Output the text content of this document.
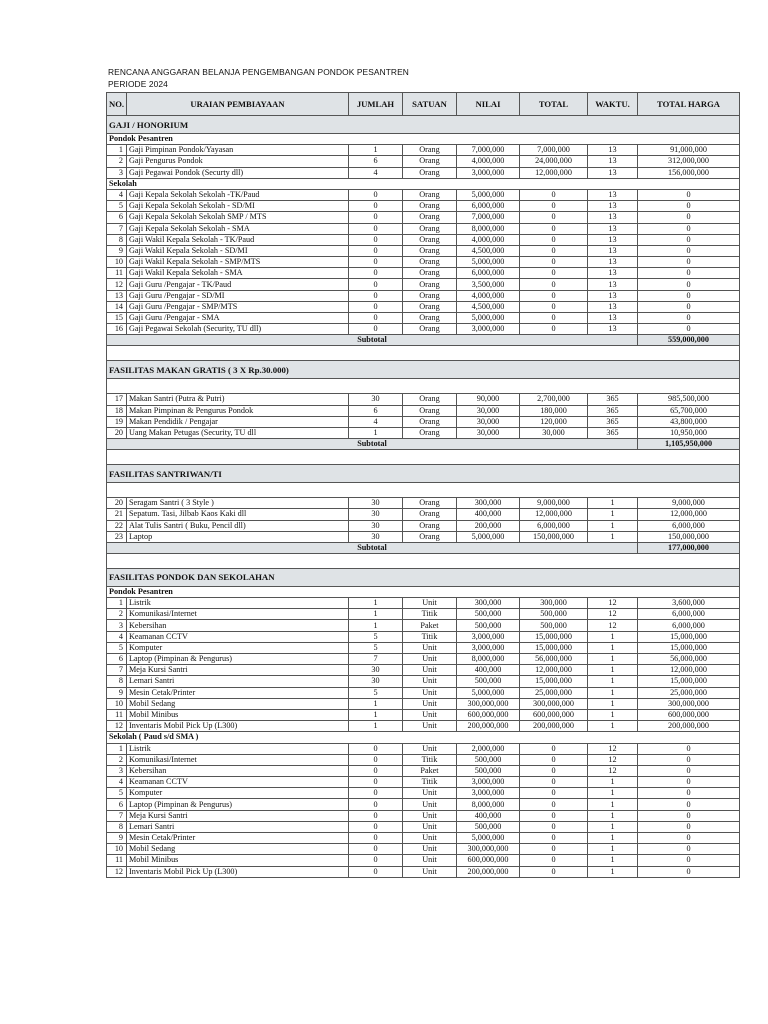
RENCANA ANGGARAN BELANJA PENGEMBANGAN PONDOK PESANTREN
PERIODE 2024
NO.	URAIAN PEMBIAYAAN	JUMLAH	SATUAN	NILAI	TOTAL	WAKTU.	TOTAL HARGA
GAJI / HONORIUM							
Pondok Pesantren							
1	Gaji Pimpinan Pondok/Yayasan	1	Orang	7,000,000	7,000,000	13	91,000,000
2	Gaji Pengurus Pondok	6	Orang	4,000,000	24,000,000	13	312,000,000
3	Gaji Pegawai Pondok (Securty dll)	4	Orang	3,000,000	12,000,000	13	156,000,000
Sekolah							
4	Gaji Kepala Sekolah Sekolah -TK/Paud	0	Orang	5,000,000	0	13	0
5	Gaji Kepala Sekolah Sekolah - SD/MI	0	Orang	6,000,000	0	13	0
6	Gaji Kepala Sekolah Sekolah SMP / MTS	0	Orang	7,000,000	0	13	0
7	Gaji Kepala Sekolah Sekolah - SMA	0	Orang	8,000,000	0	13	0
8	Gaji Wakil Kepala Sekolah - TK/Paud	0	Orang	4,000,000	0	13	0
9	Gaji Wakil Kepala Sekolah - SD/MI	0	Orang	4,500,000	0	13	0
10	Gaji Wakil Kepala Sekolah - SMP/MTS	0	Orang	5,000,000	0	13	0
11	Gaji Wakil Kepala Sekolah - SMA	0	Orang	6,000,000	0	13	0
12	Gaji Guru /Pengajar - TK/Paud	0	Orang	3,500,000	0	13	0
13	Gaji Guru /Pengajar - SD/MI	0	Orang	4,000,000	0	13	0
14	Gaji Guru /Pengajar - SMP/MTS	0	Orang	4,500,000	0	13	0
15	Gaji Guru /Pengajar - SMA	0	Orang	5,000,000	0	13	0
16	Gaji Pegawai Sekolah (Security, TU dll)	0	Orang	3,000,000	0	13	0
Subtotal							559,000,000

FASILITAS MAKAN GRATIS ( 3 X Rp.30.000)							

17	Makan Santri (Putra & Putri)	30	Orang	90,000	2,700,000	365	985,500,000
18	Makan Pimpinan & Pengurus Pondok	6	Orang	30,000	180,000	365	65,700,000
19	Makan Pendidik / Pengajar	4	Orang	30,000	120,000	365	43,800,000
20	Uang Makan Petugas (Security, TU dll	1	Orang	30,000	30,000	365	10,950,000
Subtotal							1,105,950,000

FASILITAS SANTRIWAN/TI							

20	Seragam Santri ( 3 Style )	30	Orang	300,000	9,000,000	1	9,000,000
21	Sepatum. Tasi, Jilbab Kaos Kaki dll	30	Orang	400,000	12,000,000	1	12,000,000
22	Alat Tulis Santri ( Buku, Pencil dll)	30	Orang	200,000	6,000,000	1	6,000,000
23	Laptop	30	Orang	5,000,000	150,000,000	1	150,000,000
Subtotal							177,000,000

FASILITAS PONDOK DAN SEKOLAHAN							
Pondok Pesantren							
1	Listrik	1	Unit	300,000	300,000	12	3,600,000
2	Komunikasi/Internet	1	Titik	500,000	500,000	12	6,000,000
3	Kebersihan	1	Paket	500,000	500,000	12	6,000,000
4	Keamanan CCTV	5	Titik	3,000,000	15,000,000	1	15,000,000
5	Komputer	5	Unit	3,000,000	15,000,000	1	15,000,000
6	Laptop (Pimpinan & Pengurus)	7	Unit	8,000,000	56,000,000	1	56,000,000
7	Meja Kursi Santri	30	Unit	400,000	12,000,000	1	12,000,000
8	Lemari Santri	30	Unit	500,000	15,000,000	1	15,000,000
9	Mesin Cetak/Printer	5	Unit	5,000,000	25,000,000	1	25,000,000
10	Mobil Sedang	1	Unit	300,000,000	300,000,000	1	300,000,000
11	Mobil Minibus	1	Unit	600,000,000	600,000,000	1	600,000,000
12	Inventaris Mobil Pick Up (L300)	1	Unit	200,000,000	200,000,000	1	200,000,000
Sekolah ( Paud s/d SMA )							
1	Listrik	0	Unit	2,000,000	0	12	0
2	Komunikasi/Internet	0	Titik	500,000	0	12	0
3	Kebersihan	0	Paket	500,000	0	12	0
4	Keamanan CCTV	0	Titik	3,000,000	0	1	0
5	Komputer	0	Unit	3,000,000	0	1	0
6	Laptop (Pimpinan & Pengurus)	0	Unit	8,000,000	0	1	0
7	Meja Kursi Santri	0	Unit	400,000	0	1	0
8	Lemari Santri	0	Unit	500,000	0	1	0
9	Mesin Cetak/Printer	0	Unit	5,000,000	0	1	0
10	Mobil Sedang	0	Unit	300,000,000	0	1	0
11	Mobil Minibus	0	Unit	600,000,000	0	1	0
12	Inventaris Mobil Pick Up (L300)	0	Unit	200,000,000	0	1	0
